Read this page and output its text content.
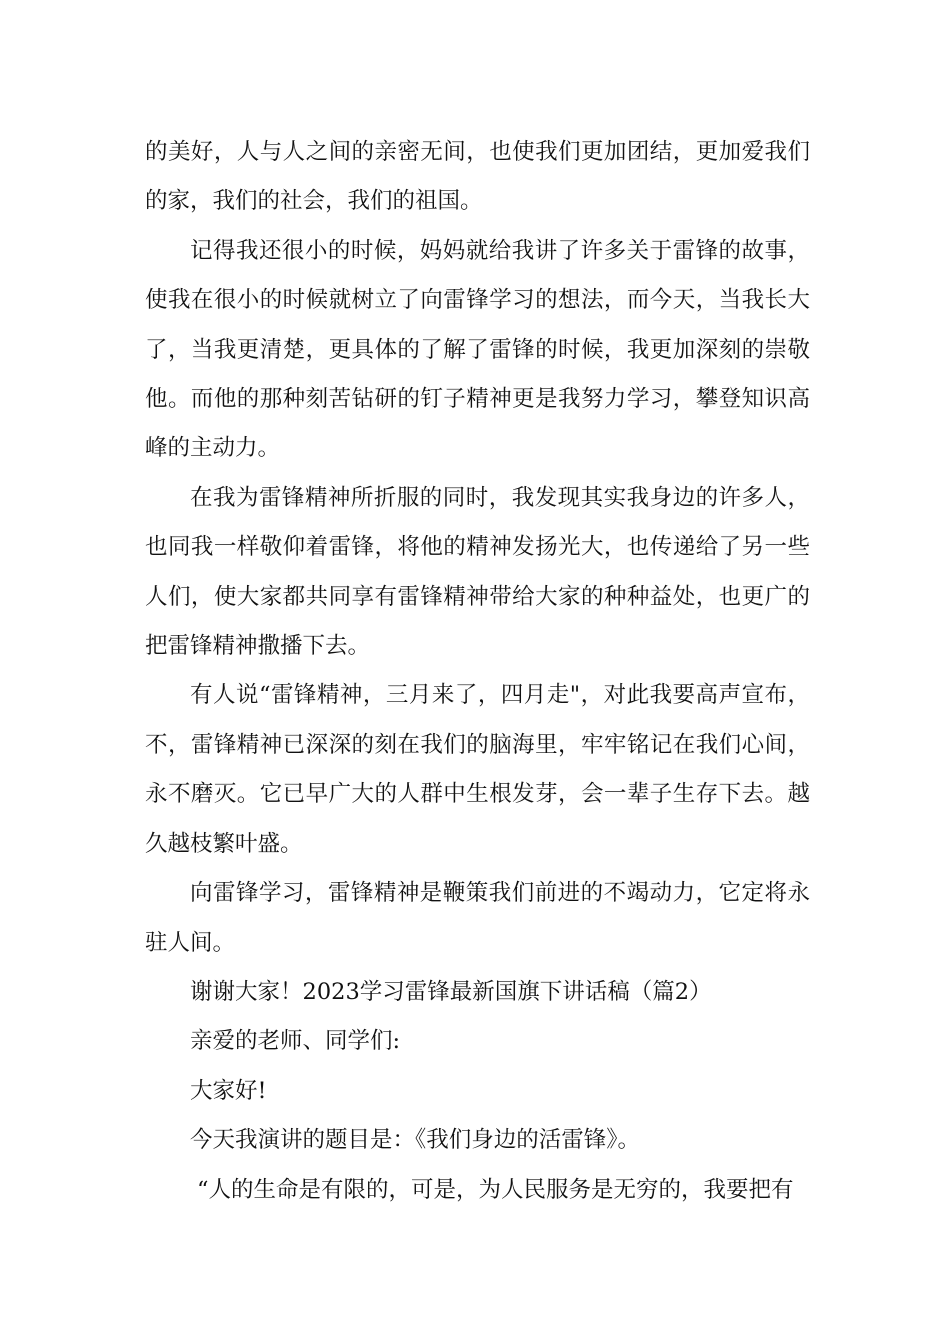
的美好，人与人之间的亲密无间，也使我们更加团结，更加爱我们的家，我们的社会，我们的祖国。

记得我还很小的时候，妈妈就给我讲了许多关于雷锋的故事，使我在很小的时候就树立了向雷锋学习的想法，而今天，当我长大了，当我更清楚，更具体的了解了雷锋的时候，我更加深刻的崇敬他。而他的那种刻苦钻研的钉子精神更是我努力学习，攀登知识高峰的主动力。

在我为雷锋精神所折服的同时，我发现其实我身边的许多人，也同我一样敬仰着雷锋，将他的精神发扬光大，也传递给了另一些人们，使大家都共同享有雷锋精神带给大家的种种益处，也更广的把雷锋精神撒播下去。

有人说“雷锋精神，三月来了，四月走"，对此我要高声宣布，不，雷锋精神已深深的刻在我们的脑海里，牢牢铭记在我们心间，永不磨灭。它已早广大的人群中生根发芽，会一辈子生存下去。越久越枝繁叶盛。

向雷锋学习，雷锋精神是鞭策我们前进的不竭动力，它定将永驻人间。

谢谢大家！2023学习雷锋最新国旗下讲话稿（篇2）

亲爱的老师、同学们:

大家好!

今天我演讲的题目是：《我们身边的活雷锋》。

“人的生命是有限的，可是，为人民服务是无穷的，我要把有
